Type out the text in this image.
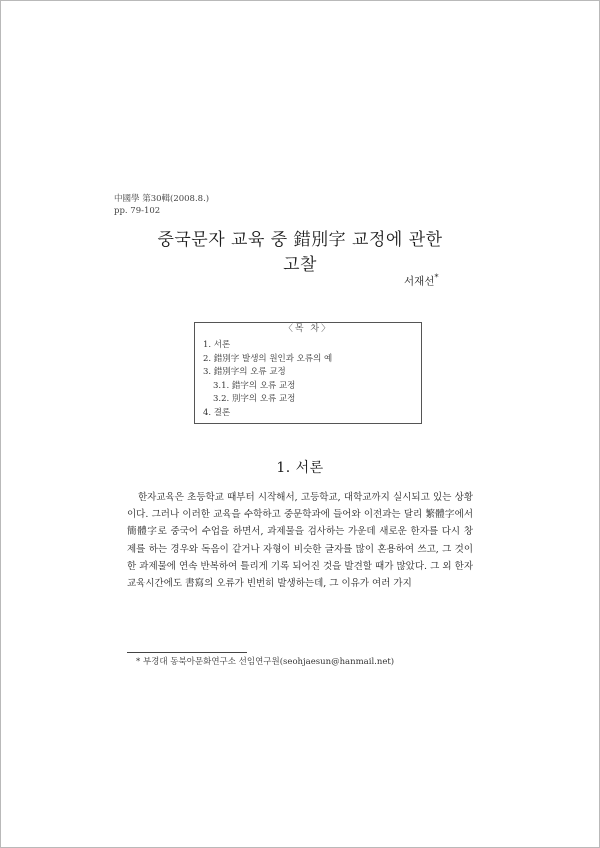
中國學 第30輯(2008.8.)
pp. 79-102
중국문자 교육 중 錯別字 교정에 관한
고찰
서재선*
〈목 차〉
1. 서론
2. 錯別字 발생의 원인과 오류의 예
3. 錯別字의 오류 교정
3.1. 錯字의 오류 교정
3.2. 別字의 오류 교정
4. 결론
1. 서론

한자교육은 초등학교 때부터 시작해서, 고등학교, 대학교까지 실시되고 있는 상황이다. 그러나 이러한 교육을 수학하고 중문학과에 들어와 이전과는 달리 繁體字에서 簡體字로 중국어 수업을 하면서, 과제물을 검사하는 가운데 새로운 한자를 다시 창제를 하는 경우와 독음이 같거나 자형이 비슷한 글자를 많이 혼용하여 쓰고, 그 것이 한 과제물에 연속 반복하여 틀리게 기록 되어진 것을 발견할 때가 많았다. 그 외 한자 교육시간에도 書寫의 오류가 빈번히 발생하는데, 그 이유가 여러 가지

* 부경대 동북아문화연구소 선임연구원(seohjaesun@hanmail.net)
